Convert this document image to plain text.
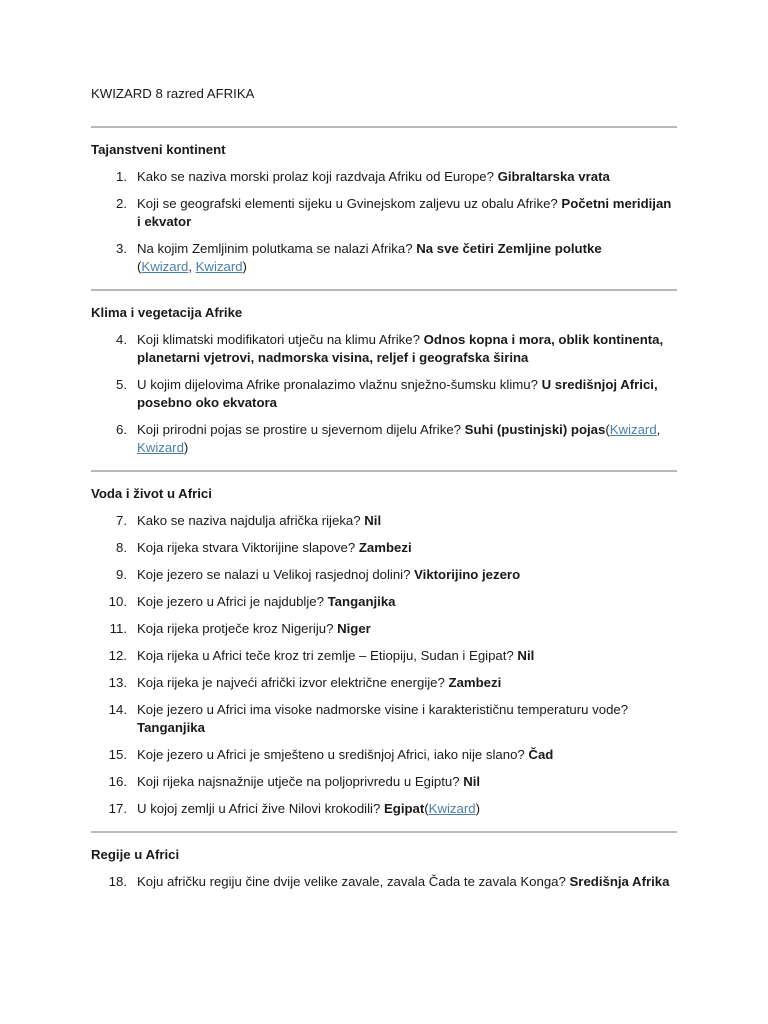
KWIZARD 8 razred AFRIKA

Tajanstveni kontinent

1. Kako se naziva morski prolaz koji razdvaja Afriku od Europe? Gibraltarska vrata
2. Koji se geografski elementi sijeku u Gvinejskom zaljevu uz obalu Afrike? Početni meridijan i ekvator
3. Na kojim Zemljinim polutkama se nalazi Afrika? Na sve četiri Zemljine polutke
(Kwizard, Kwizard)

Klima i vegetacija Afrike

4. Koji klimatski modifikatori utječu na klimu Afrike? Odnos kopna i mora, oblik kontinenta, planetarni vjetrovi, nadmorska visina, reljef i geografska širina
5. U kojim dijelovima Afrike pronalazimo vlažnu snježno-šumsku klimu? U središnjoj Africi, posebno oko ekvatora
6. Koji prirodni pojas se prostire u sjevernom dijelu Afrike? Suhi (pustinjski) pojas(Kwizard, Kwizard)

Voda i život u Africi

7. Kako se naziva najdulja afrička rijeka? Nil
8. Koja rijeka stvara Viktorijine slapove? Zambezi
9. Koje jezero se nalazi u Velikoj rasjednoj dolini? Viktorijino jezero
10. Koje jezero u Africi je najdublje? Tanganjika
11. Koja rijeka protječe kroz Nigeriju? Niger
12. Koja rijeka u Africi teče kroz tri zemlje – Etiopiju, Sudan i Egipat? Nil
13. Koja rijeka je najveći afrički izvor električne energije? Zambezi
14. Koje jezero u Africi ima visoke nadmorske visine i karakterističnu temperaturu vode? Tanganjika
15. Koje jezero u Africi je smješteno u središnjoj Africi, iako nije slano? Čad
16. Koji rijeka najsnažnije utječe na poljoprivredu u Egiptu? Nil
17. U kojoj zemlji u Africi žive Nilovi krokodili? Egipat(Kwizard)

Regije u Africi

18. Koju afričku regiju čine dvije velike zavale, zavala Čada te zavala Konga? Središnja Afrika
